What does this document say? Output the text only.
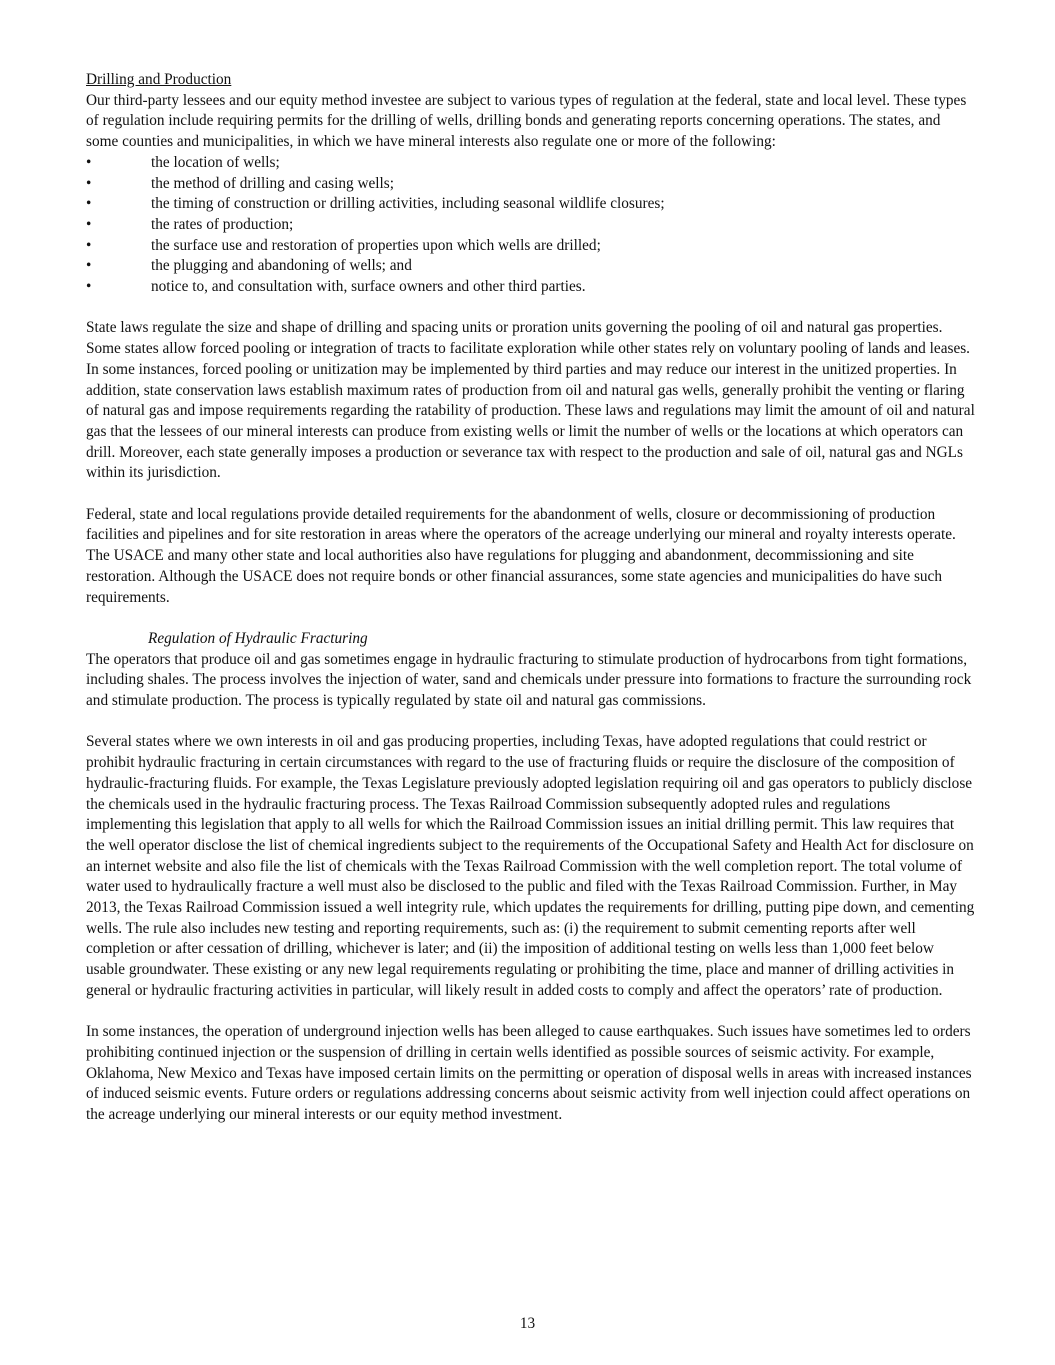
Drilling and Production

Our third-party lessees and our equity method investee are subject to various types of regulation at the federal, state and local level. These types of regulation include requiring permits for the drilling of wells, drilling bonds and generating reports concerning operations. The states, and some counties and municipalities, in which we have mineral interests also regulate one or more of the following:

•	the location of wells;
•	the method of drilling and casing wells;
•	the timing of construction or drilling activities, including seasonal wildlife closures;
•	the rates of production;
•	the surface use and restoration of properties upon which wells are drilled;
•	the plugging and abandoning of wells; and
•	notice to, and consultation with, surface owners and other third parties.

State laws regulate the size and shape of drilling and spacing units or proration units governing the pooling of oil and natural gas properties. Some states allow forced pooling or integration of tracts to facilitate exploration while other states rely on voluntary pooling of lands and leases. In some instances, forced pooling or unitization may be implemented by third parties and may reduce our interest in the unitized properties. In addition, state conservation laws establish maximum rates of production from oil and natural gas wells, generally prohibit the venting or flaring of natural gas and impose requirements regarding the ratability of production. These laws and regulations may limit the amount of oil and natural gas that the lessees of our mineral interests can produce from existing wells or limit the number of wells or the locations at which operators can drill. Moreover, each state generally imposes a production or severance tax with respect to the production and sale of oil, natural gas and NGLs within its jurisdiction.

Federal, state and local regulations provide detailed requirements for the abandonment of wells, closure or decommissioning of production facilities and pipelines and for site restoration in areas where the operators of the acreage underlying our mineral and royalty interests operate. The USACE and many other state and local authorities also have regulations for plugging and abandonment, decommissioning and site restoration. Although the USACE does not require bonds or other financial assurances, some state agencies and municipalities do have such requirements.

Regulation of Hydraulic Fracturing

The operators that produce oil and gas sometimes engage in hydraulic fracturing to stimulate production of hydrocarbons from tight formations, including shales. The process involves the injection of water, sand and chemicals under pressure into formations to fracture the surrounding rock and stimulate production. The process is typically regulated by state oil and natural gas commissions.

Several states where we own interests in oil and gas producing properties, including Texas, have adopted regulations that could restrict or prohibit hydraulic fracturing in certain circumstances with regard to the use of fracturing fluids or require the disclosure of the composition of hydraulic-fracturing fluids. For example, the Texas Legislature previously adopted legislation requiring oil and gas operators to publicly disclose the chemicals used in the hydraulic fracturing process. The Texas Railroad Commission subsequently adopted rules and regulations implementing this legislation that apply to all wells for which the Railroad Commission issues an initial drilling permit. This law requires that the well operator disclose the list of chemical ingredients subject to the requirements of the Occupational Safety and Health Act for disclosure on an internet website and also file the list of chemicals with the Texas Railroad Commission with the well completion report. The total volume of water used to hydraulically fracture a well must also be disclosed to the public and filed with the Texas Railroad Commission. Further, in May 2013, the Texas Railroad Commission issued a well integrity rule, which updates the requirements for drilling, putting pipe down, and cementing wells. The rule also includes new testing and reporting requirements, such as: (i) the requirement to submit cementing reports after well completion or after cessation of drilling, whichever is later; and (ii) the imposition of additional testing on wells less than 1,000 feet below usable groundwater. These existing or any new legal requirements regulating or prohibiting the time, place and manner of drilling activities in general or hydraulic fracturing activities in particular, will likely result in added costs to comply and affect the operators’ rate of production.

In some instances, the operation of underground injection wells has been alleged to cause earthquakes. Such issues have sometimes led to orders prohibiting continued injection or the suspension of drilling in certain wells identified as possible sources of seismic activity. For example, Oklahoma, New Mexico and Texas have imposed certain limits on the permitting or operation of disposal wells in areas with increased instances of induced seismic events. Future orders or regulations addressing concerns about seismic activity from well injection could affect operations on the acreage underlying our mineral interests or our equity method investment.

13
